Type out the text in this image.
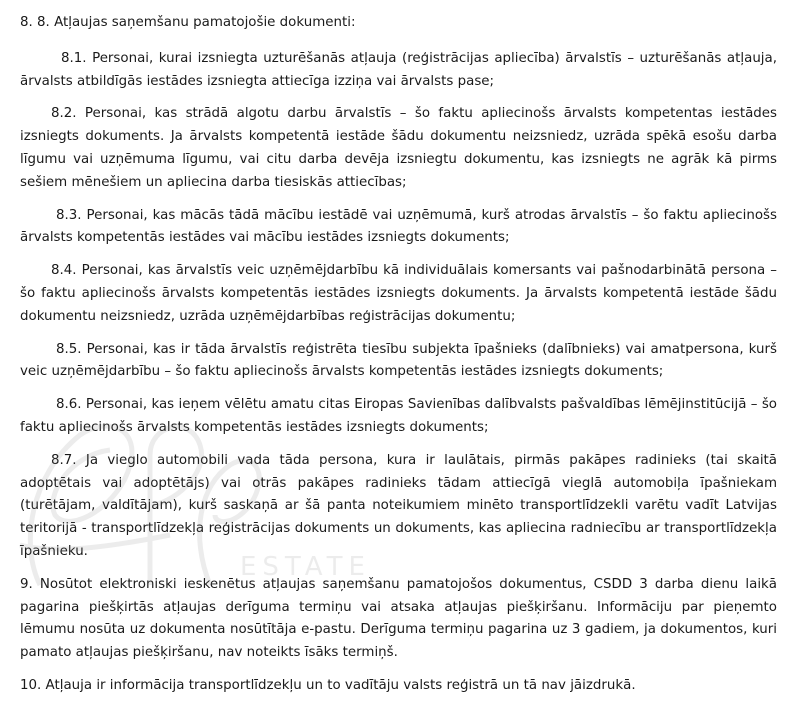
8. 8. Atļaujas saņemšanu pamatojošie dokumenti:

8.1. Personai, kurai izsniegta uzturēšanās atļauja (reģistrācijas apliecība) ārvalstīs – uzturēšanās atļauja, ārvalsts atbildīgās iestādes izsniegta attiecīga izziņa vai ārvalsts pase;

8.2. Personai, kas strādā algotu darbu ārvalstīs – šo faktu apliecinošs ārvalsts kompetentas iestādes izsniegts dokuments. Ja ārvalsts kompetentā iestāde šādu dokumentu neizsniedz, uzrāda spēkā esošu darba līgumu vai uzņēmuma līgumu, vai citu darba devēja izsniegtu dokumentu, kas izsniegts ne agrāk kā pirms sešiem mēnešiem un apliecina darba tiesiskās attiecības;

8.3. Personai, kas mācās tādā mācību iestādē vai uzņēmumā, kurš atrodas ārvalstīs – šo faktu apliecinošs ārvalsts kompetentās iestādes vai mācību iestādes izsniegts dokuments;

8.4. Personai, kas ārvalstīs veic uzņēmējdarbību kā individuālais komersants vai pašnodarbinātā persona – šo faktu apliecinošs ārvalsts kompetentās iestādes izsniegts dokuments. Ja ārvalsts kompetentā iestāde šādu dokumentu neizsniedz, uzrāda uzņēmējdarbības reģistrācijas dokumentu;

8.5. Personai, kas ir tāda ārvalstīs reģistrēta tiesību subjekta īpašnieks (dalībnieks) vai amatpersona, kurš veic uzņēmējdarbību – šo faktu apliecinošs ārvalsts kompetentās iestādes izsniegts dokuments;

8.6. Personai, kas ieņem vēlētu amatu citas Eiropas Savienības dalībvalsts pašvaldības lēmējinstitūcijā – šo faktu apliecinošs ārvalsts kompetentās iestādes izsniegts dokuments;

8.7. Ja vieglo automobili vada tāda persona, kura ir laulātais, pirmās pakāpes radinieks (tai skaitā adoptētais vai adoptētājs) vai otrās pakāpes radinieks tādam attiecīgā vieglā automobiļa īpašniekam (turētājam, valdītājam), kurš saskaņā ar šā panta noteikumiem minēto transportlīdzekli varētu vadīt Latvijas teritorijā - transportlīdzekļa reģistrācijas dokuments un dokuments, kas apliecina radniecību ar transportlīdzekļa īpašnieku.

9. Nosūtot elektroniski ieskenētus atļaujas saņemšanu pamatojošos dokumentus, CSDD 3 darba dienu laikā pagarina piešķirtās atļaujas derīguma termiņu vai atsaka atļaujas piešķiršanu. Informāciju par pieņemto lēmumu nosūta uz dokumenta nosūtītāja e-pastu. Derīguma termiņu pagarina uz 3 gadiem, ja dokumentos, kuri pamato atļaujas piešķiršanu, nav noteikts īsāks termiņš.

10. Atļauja ir informācija transportlīdzekļu un to vadītāju valsts reģistrā un tā nav jāizdrukā.

ESTATE
